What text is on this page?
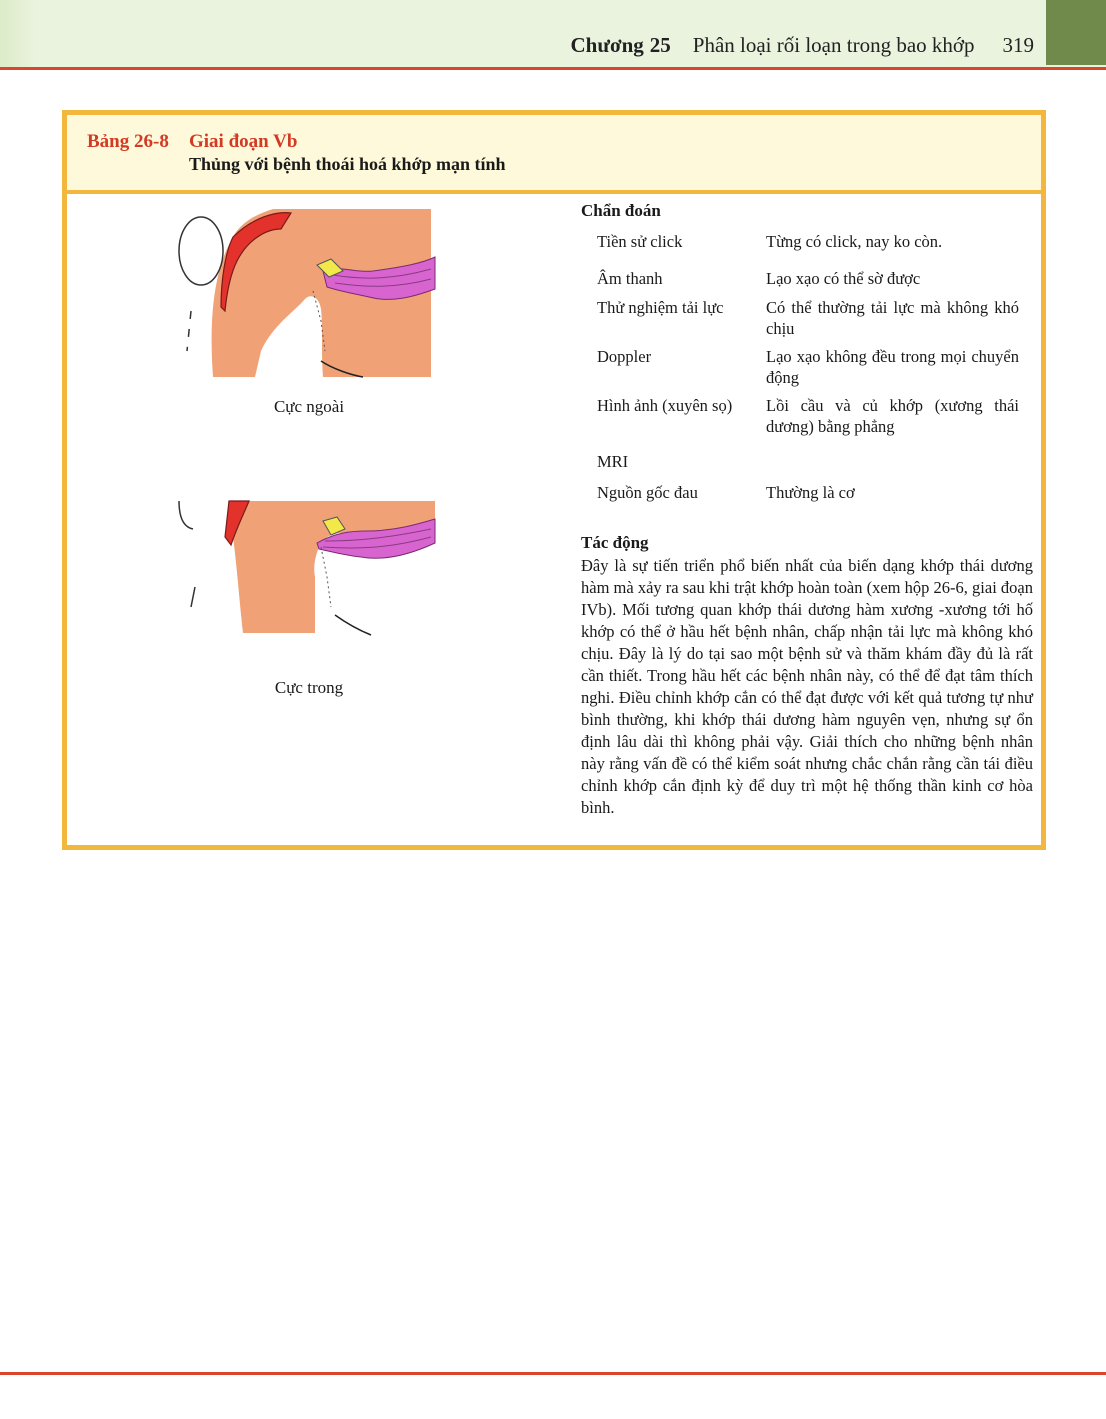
Chương 25 Phân loại rối loạn trong bao khớp 319
Bảng 26-8 Giai đoạn Vb
Thủng với bệnh thoái hoá khớp mạn tính
Cực ngoài
Cực trong
Chẩn đoán
Tiền sử click	Từng có click, nay ko còn.
Âm thanh	Lạo xạo có thể sờ được
Thử nghiệm tải lực	Có thể thường tải lực mà không khó chịu
Doppler	Lạo xạo không đều trong mọi chuyển động
Hình ảnh (xuyên sọ)	Lồi cầu và củ khớp (xương thái dương) bằng phẳng
MRI
Nguồn gốc đau	Thường là cơ
Tác động
Đây là sự tiến triển phổ biến nhất của biến dạng khớp thái dương hàm mà xảy ra sau khi trật khớp hoàn toàn (xem hộp 26-6, giai đoạn IVb). Mối tương quan khớp thái dương hàm xương -xương tới hố khớp có thể ở hầu hết bệnh nhân, chấp nhận tải lực mà không khó chịu. Đây là lý do tại sao một bệnh sử và thăm khám đầy đủ là rất cần thiết. Trong hầu hết các bệnh nhân này, có thể để đạt tâm thích nghi. Điều chỉnh khớp cắn có thể đạt được với kết quả tương tự như bình thường, khi khớp thái dương hàm nguyên vẹn, nhưng sự ổn định lâu dài thì không phải vậy. Giải thích cho những bệnh nhân này rằng vấn đề có thể kiểm soát nhưng chắc chắn rằng cần tái điều chỉnh khớp cắn định kỳ để duy trì một hệ thống thần kinh cơ hòa bình.
